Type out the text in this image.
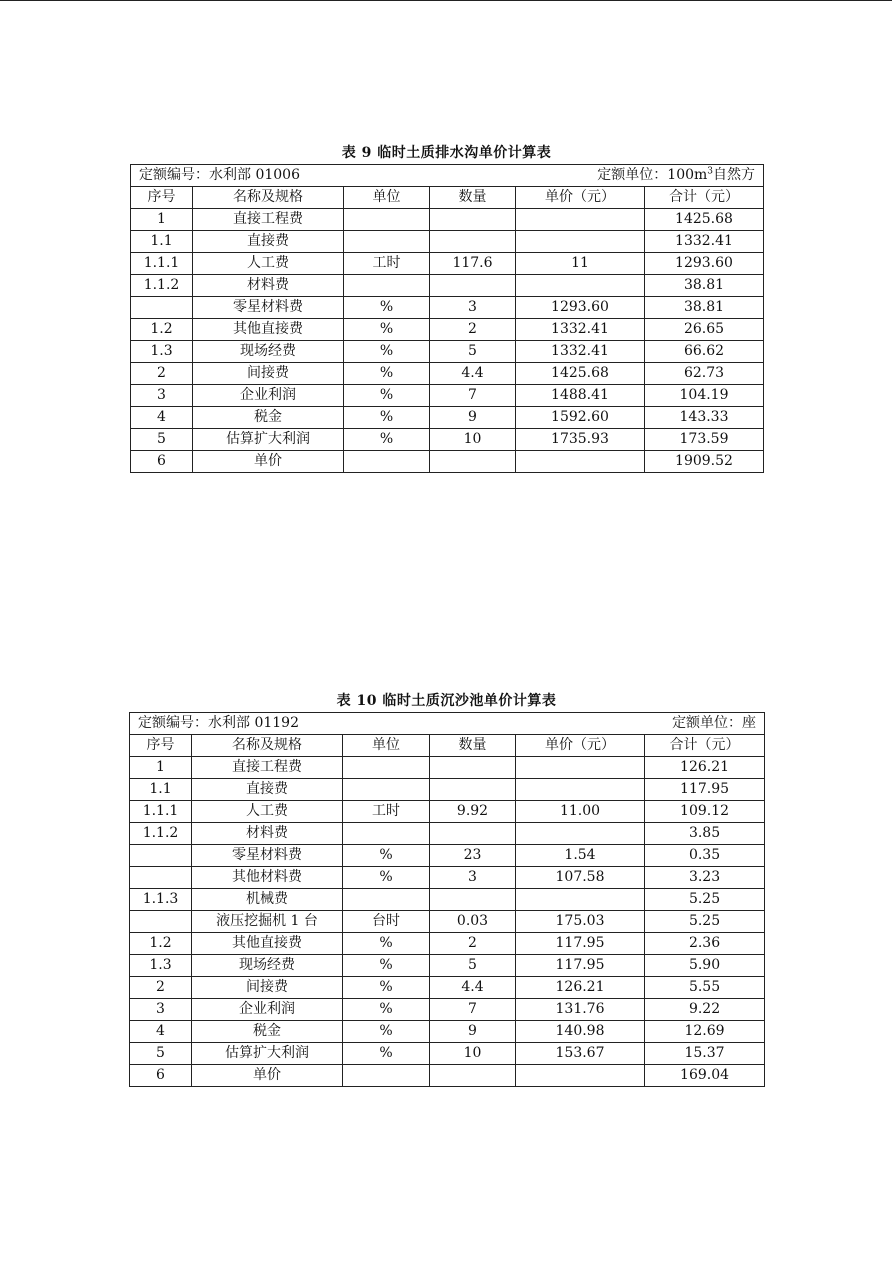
表 9 临时土质排水沟单价计算表
定额编号：水利部 01006 定额单位：$100m^3$自然方					

序号	名称及规格	单位	数量	单价（元）	合计（元）
1	直接工程费				1425.68
1.1	直接费				1332.41
1.1.1	人工费	工时	117.6	11	1293.60
1.1.2	材料费				38.81
	零星材料费	%	3	1293.60	38.81
1.2	其他直接费	%	2	1332.41	26.65
1.3	现场经费	%	5	1332.41	66.62
2	间接费	%	4.4	1425.68	62.73
3	企业利润	%	7	1488.41	104.19
4	税金	%	9	1592.60	143.33
5	估算扩大利润	%	10	1735.93	173.59
6	单价				1909.52
表 10 临时土质沉沙池单价计算表
定额编号：水利部 01192 定额单位：座					

序号	名称及规格	单位	数量	单价（元）	合计（元）
1	直接工程费				126.21
1.1	直接费				117.95
1.1.1	人工费	工时	9.92	11.00	109.12
1.1.2	材料费				3.85
	零星材料费	%	23	1.54	0.35
	其他材料费	%	3	107.58	3.23
1.1.3	机械费				5.25
	液压挖掘机 1 台	台时	0.03	175.03	5.25
1.2	其他直接费	%	2	117.95	2.36
1.3	现场经费	%	5	117.95	5.90
2	间接费	%	4.4	126.21	5.55
3	企业利润	%	7	131.76	9.22
4	税金	%	9	140.98	12.69
5	估算扩大利润	%	10	153.67	15.37
6	单价				169.04
